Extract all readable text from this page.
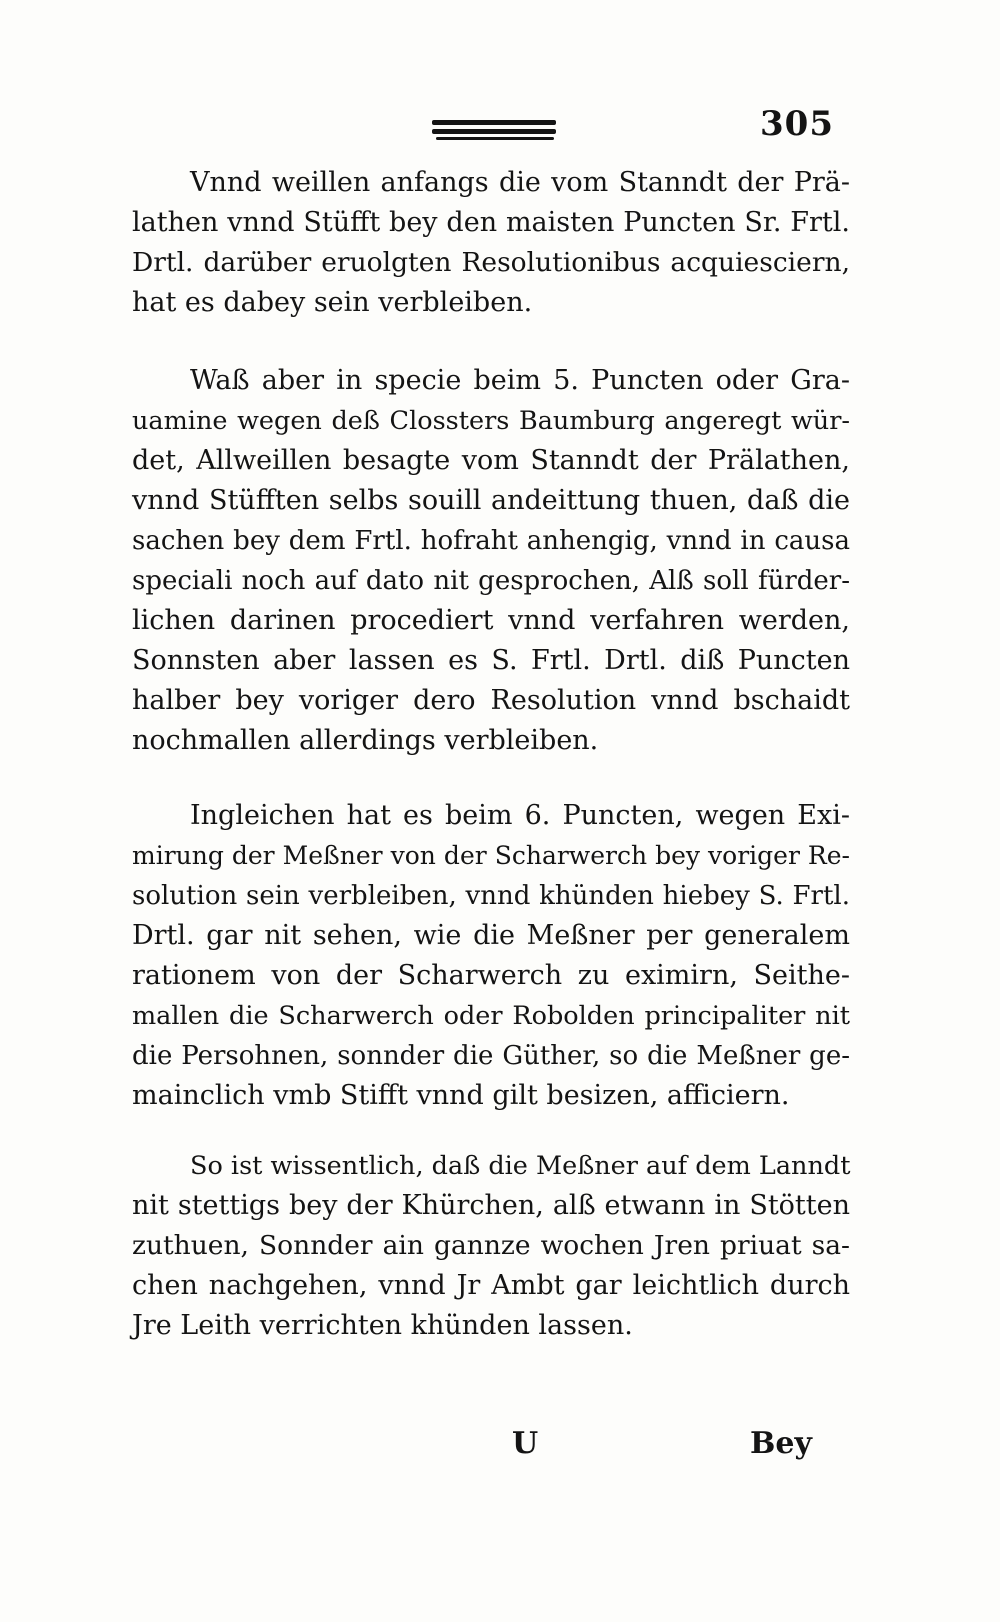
305
Vnnd weillen anfangs die vom Stanndt der Prä-
lathen vnnd Stüfft bey den maisten Puncten Sr. Frtl.
Drtl. darüber eruolgten Resolutionibus acquiesciern,
hat es dabey sein verbleiben.
Waß aber in specie beim 5. Puncten oder Gra-
uamine wegen deß Clossters Baumburg angeregt wür-
det, Allweillen besagte vom Stanndt der Prälathen,
vnnd Stüfften selbs souill andeittung thuen, daß die
sachen bey dem Frtl. hofraht anhengig, vnnd in causa
speciali noch auf dato nit gesprochen, Alß soll fürder-
lichen darinen procediert vnnd verfahren werden,
Sonnsten aber lassen es S. Frtl. Drtl. diß Puncten
halber bey voriger dero Resolution vnnd bschaidt
nochmallen allerdings verbleiben.
Ingleichen hat es beim 6. Puncten, wegen Exi-
mirung der Meßner von der Scharwerch bey voriger Re-
solution sein verbleiben, vnnd khünden hiebey S. Frtl.
Drtl. gar nit sehen, wie die Meßner per generalem
rationem von der Scharwerch zu eximirn, Seithe-
mallen die Scharwerch oder Robolden principaliter nit
die Persohnen, sonnder die Güther, so die Meßner ge-
mainclich vmb Stifft vnnd gilt besizen, afficiern.
So ist wissentlich, daß die Meßner auf dem Lanndt
nit stettigs bey der Khürchen, alß etwann in Stötten
zuthuen, Sonnder ain gannze wochen Jren priuat sa-
chen nachgehen, vnnd Jr Ambt gar leichtlich durch
Jre Leith verrichten khünden lassen.
U	Bey
